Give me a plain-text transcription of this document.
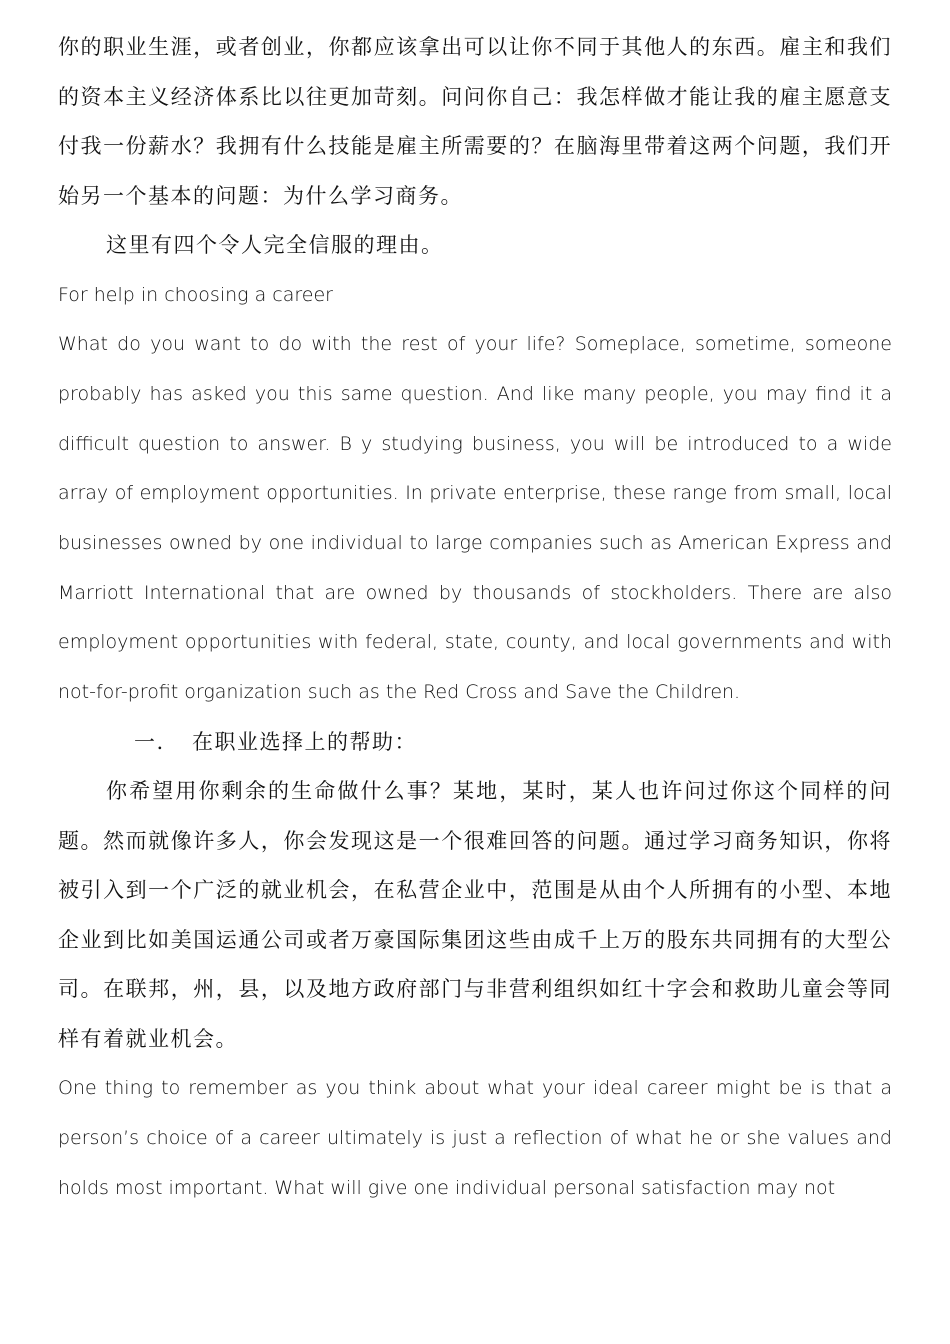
你的职业生涯，或者创业，你都应该拿出可以让你不同于其他人的东西。雇主和我们的资本主义经济体系比以往更加苛刻。问问你自己：我怎样做才能让我的雇主愿意支付我一份薪水？我拥有什么技能是雇主所需要的？在脑海里带着这两个问题，我们开始另一个基本的问题：为什么学习商务。

这里有四个令人完全信服的理由。

For help in choosing a career

What do you want to do with the rest of your life? Someplace, sometime, someone probably has asked you this same question. And like many people, you may find it a difficult question to answer. B y studying business, you will be introduced to a wide array of employment opportunities. In private enterprise, these range from small, local businesses owned by one individual to large companies such as American Express and Marriott International that are owned by thousands of stockholders. There are also employment opportunities with federal, state, county, and local governments and with not-for-profit organization such as the Red Cross and Save the Children.

一. 在职业选择上的帮助：

你希望用你剩余的生命做什么事？某地，某时，某人也许问过你这个同样的问题。然而就像许多人，你会发现这是一个很难回答的问题。通过学习商务知识，你将被引入到一个广泛的就业机会，在私营企业中，范围是从由个人所拥有的小型、本地企业到比如美国运通公司或者万豪国际集团这些由成千上万的股东共同拥有的大型公司。在联邦，州，县，以及地方政府部门与非营利组织如红十字会和救助儿童会等同样有着就业机会。

One thing to remember as you think about what your ideal career might be is that a person’s choice of a career ultimately is just a reflection of what he or she values and holds most important. What will give one individual personal satisfaction may not
